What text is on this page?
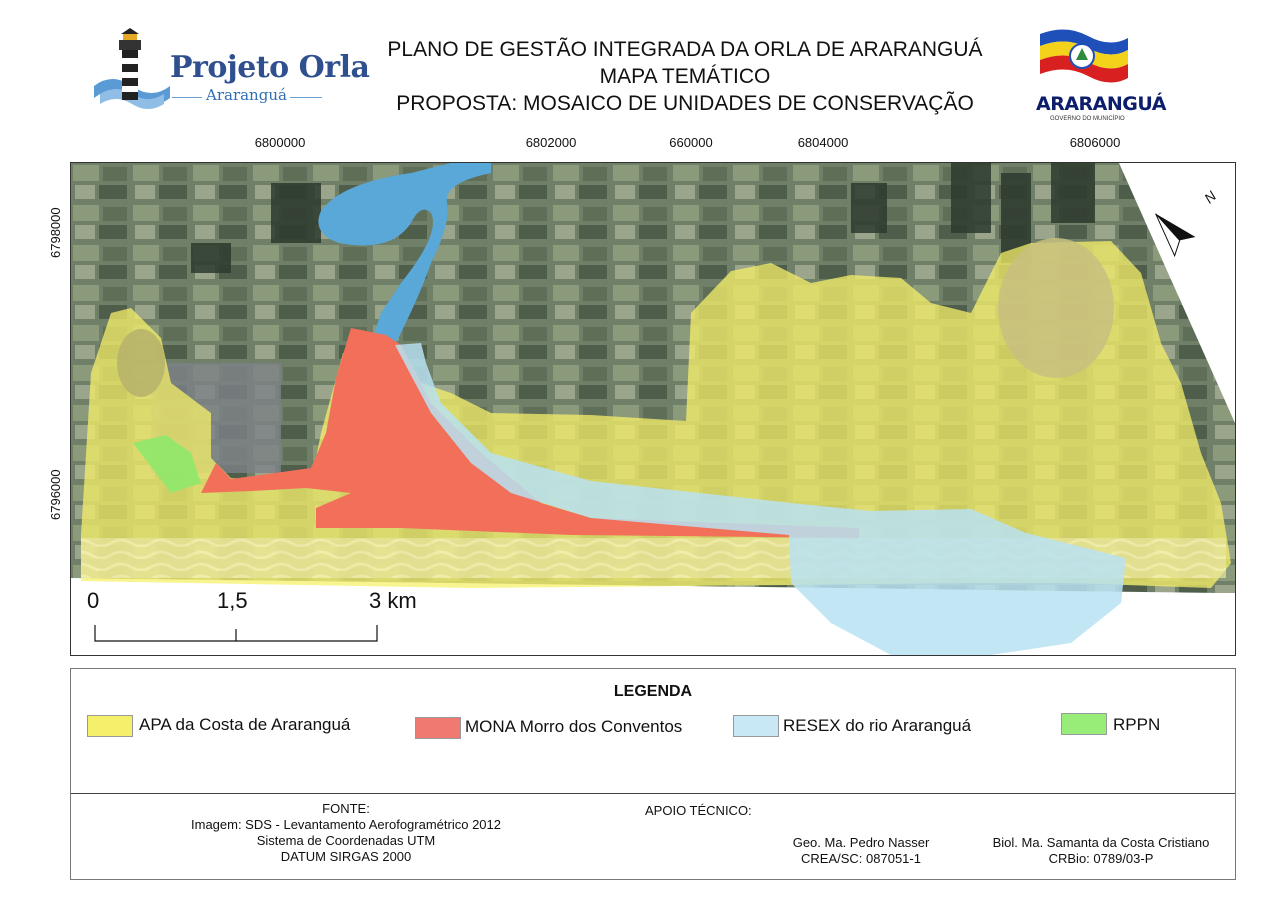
Projeto Orla
Araranguá
PLANO DE GESTÃO INTEGRADA DA ORLA DE ARARANGUÁ
MAPA TEMÁTICO
PROPOSTA: MOSAICO DE UNIDADES DE CONSERVAÇÃO	ARARANGUÁ
GOVERNO DO MUNICÍPIO
6800000	6802000	660000	6804000	6806000
6798000
6796000
0	1,5	3 km
N
LEGENDA
APA da Costa de Araranguá	MONA Morro dos Conventos	RESEX do rio Araranguá	RPPN
FONTE:
Imagem: SDS - Levantamento Aerofogramétrico 2012
Sistema de Coordenadas UTM
DATUM SIRGAS 2000
APOIO TÉCNICO:
Geo. Ma. Pedro Nasser
CREA/SC: 087051-1
Biol. Ma. Samanta da Costa Cristiano
CRBio: 0789/03-P
